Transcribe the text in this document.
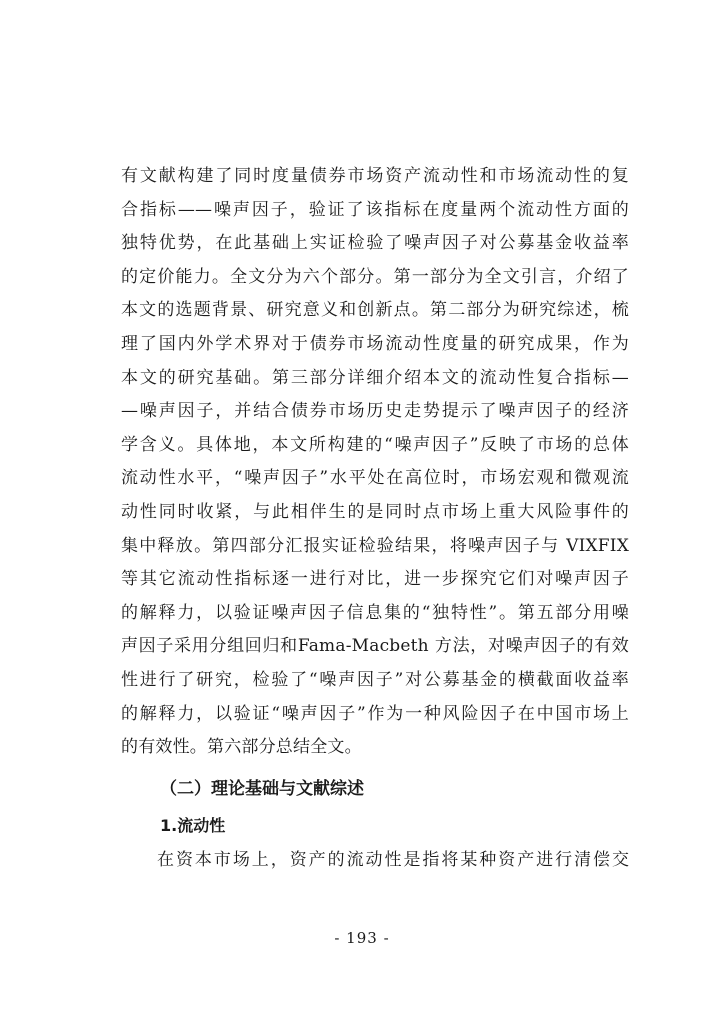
有文献构建了同时度量债券市场资产流动性和市场流动性的复
合指标——噪声因子，验证了该指标在度量两个流动性方面的
独特优势，在此基础上实证检验了噪声因子对公募基金收益率
的定价能力。全文分为六个部分。第一部分为全文引言，介绍了
本文的选题背景、研究意义和创新点。第二部分为研究综述，梳
理了国内外学术界对于债券市场流动性度量的研究成果，作为
本文的研究基础。第三部分详细介绍本文的流动性复合指标—
—噪声因子，并结合债券市场历史走势提示了噪声因子的经济
学含义。具体地，本文所构建的“噪声因子”反映了市场的总体
流动性水平，“噪声因子”水平处在高位时，市场宏观和微观流
动性同时收紧，与此相伴生的是同时点市场上重大风险事件的
集中释放。第四部分汇报实证检验结果，将噪声因子与 VIXFIX
等其它流动性指标逐一进行对比，进一步探究它们对噪声因子
的解释力，以验证噪声因子信息集的“独特性”。第五部分用噪
声因子采用分组回归和Fama-Macbeth 方法，对噪声因子的有效
性进行了研究，检验了“噪声因子”对公募基金的横截面收益率
的解释力，以验证“噪声因子”作为一种风险因子在中国市场上
的有效性。第六部分总结全文。
（二）理论基础与文献综述
1.流动性
在资本市场上，资产的流动性是指将某种资产进行清偿交
- 193 -
